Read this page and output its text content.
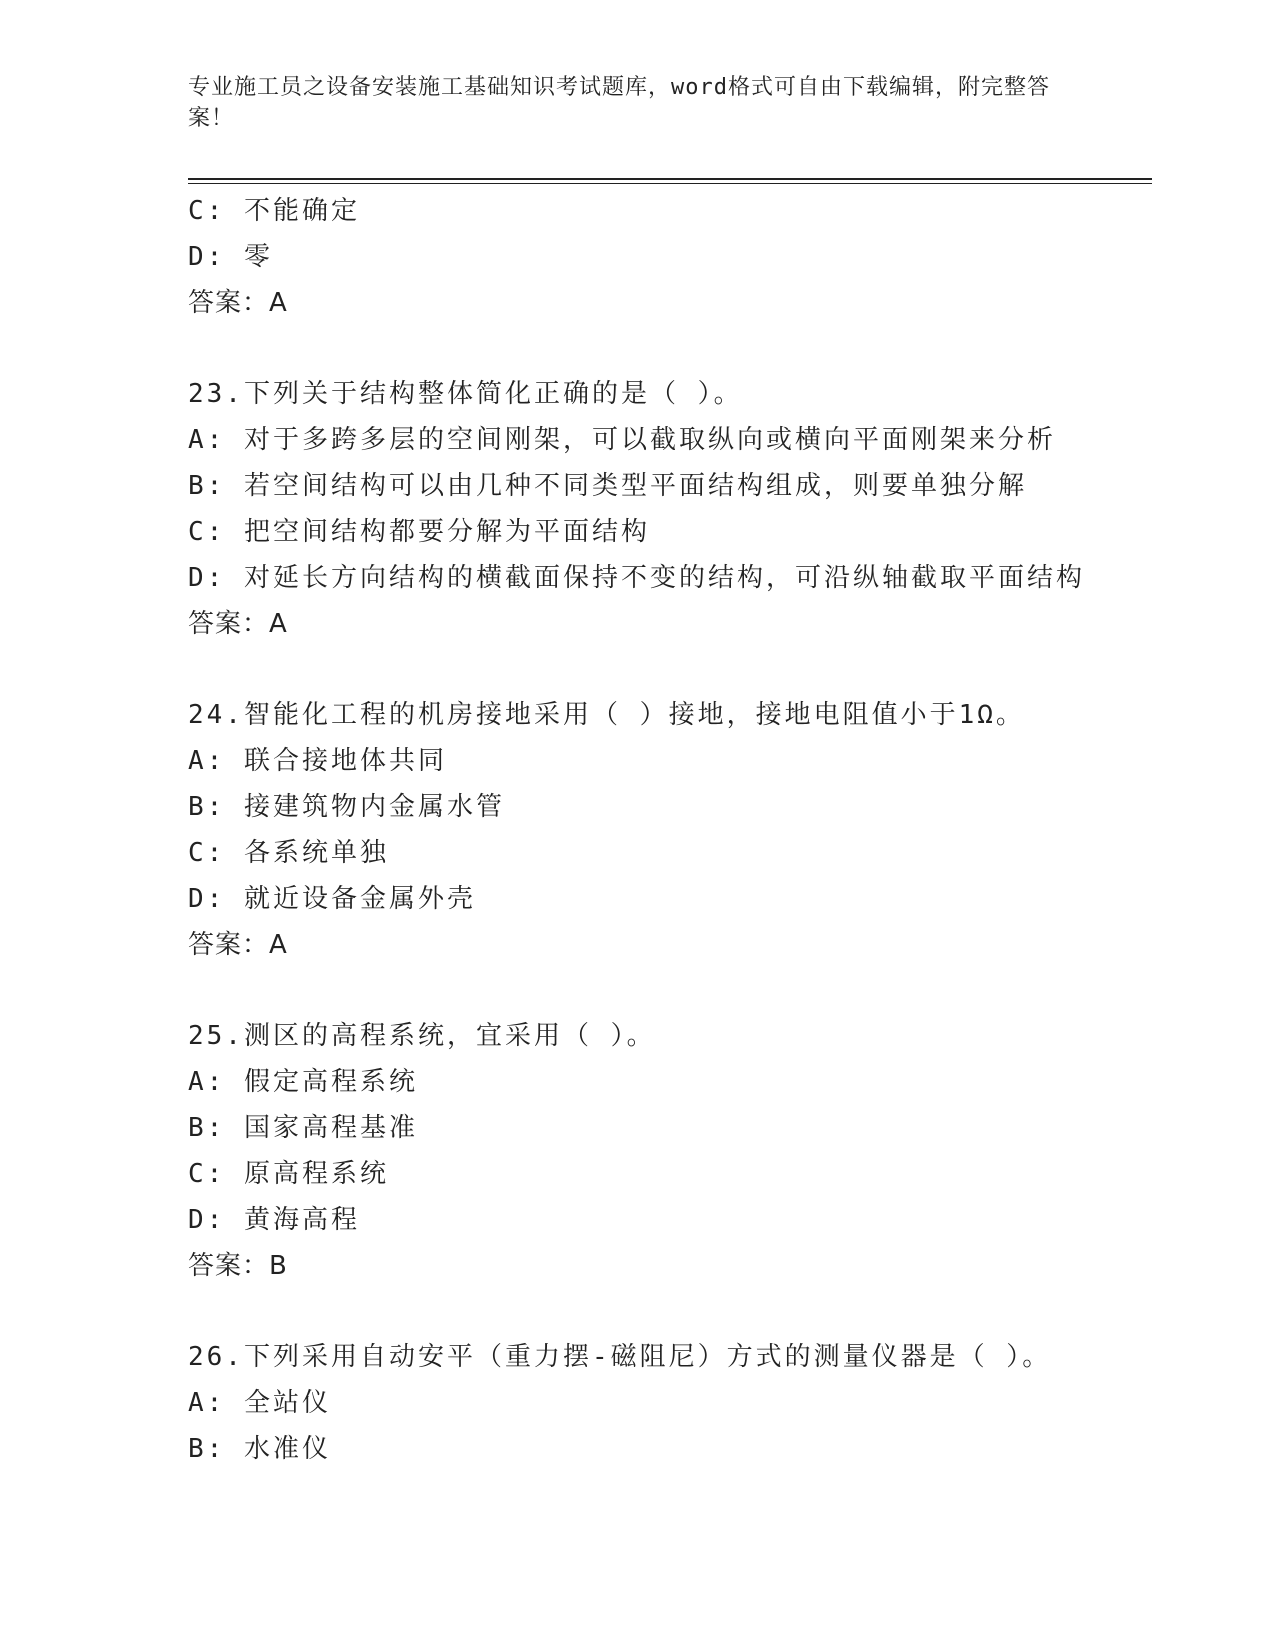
专业施工员之设备安装施工基础知识考试题库，word格式可自由下载编辑，附完整答案！
C: 不能确定
D: 零
答案：A
23.下列关于结构整体简化正确的是（ ）。
A: 对于多跨多层的空间刚架，可以截取纵向或横向平面刚架来分析
B: 若空间结构可以由几种不同类型平面结构组成，则要单独分解
C: 把空间结构都要分解为平面结构
D: 对延长方向结构的横截面保持不变的结构，可沿纵轴截取平面结构
答案：A
24.智能化工程的机房接地采用（ ）接地，接地电阻值小于1Ω。
A: 联合接地体共同
B: 接建筑物内金属水管
C: 各系统单独
D: 就近设备金属外壳
答案：A
25.测区的高程系统，宜采用（ ）。
A: 假定高程系统
B: 国家高程基准
C: 原高程系统
D: 黄海高程
答案：B
26.下列采用自动安平（重力摆-磁阻尼）方式的测量仪器是（ ）。
A: 全站仪
B: 水准仪
